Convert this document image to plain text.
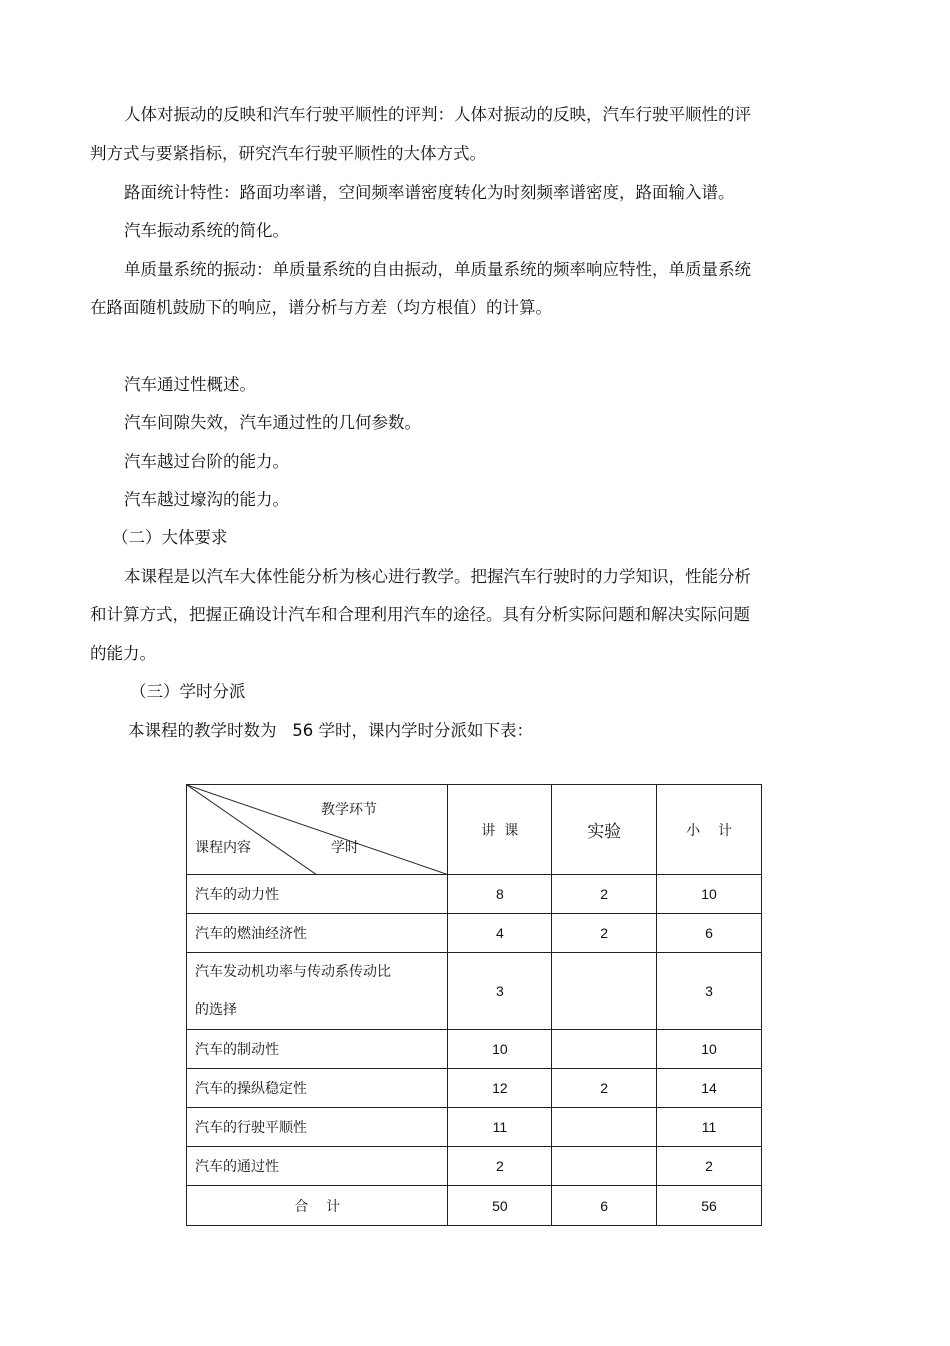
人体对振动的反映和汽车行驶平顺性的评判：人体对振动的反映，汽车行驶平顺性的评
判方式与要紧指标，研究汽车行驶平顺性的大体方式。
路面统计特性：路面功率谱，空间频率谱密度转化为时刻频率谱密度，路面输入谱。
汽车振动系统的简化。
单质量系统的振动：单质量系统的自由振动，单质量系统的频率响应特性，单质量系统
在路面随机鼓励下的响应，谱分析与方差（均方根值）的计算。
汽车通过性概述。
汽车间隙失效，汽车通过性的几何参数。
汽车越过台阶的能力。
汽车越过壕沟的能力。
（二）大体要求
本课程是以汽车大体性能分析为核心进行教学。把握汽车行驶时的力学知识，性能分析
和计算方式，把握正确设计汽车和合理利用汽车的途径。具有分析实际问题和解决实际问题
的能力。
（三）学时分派
本课程的教学时数为   56 学时，课内学时分派如下表：
教学环节
课程内容 学时	讲  课	实验	小    计
汽车的动力性	8	2	10
汽车的燃油经济性	4	2	6

汽车发动机功率与传动系传动比
的选择	3		3
汽车的制动性	10		10
汽车的操纵稳定性	12	2	14
汽车的行驶平顺性	11		11
汽车的通过性	2		2
合    计	50	6	56
